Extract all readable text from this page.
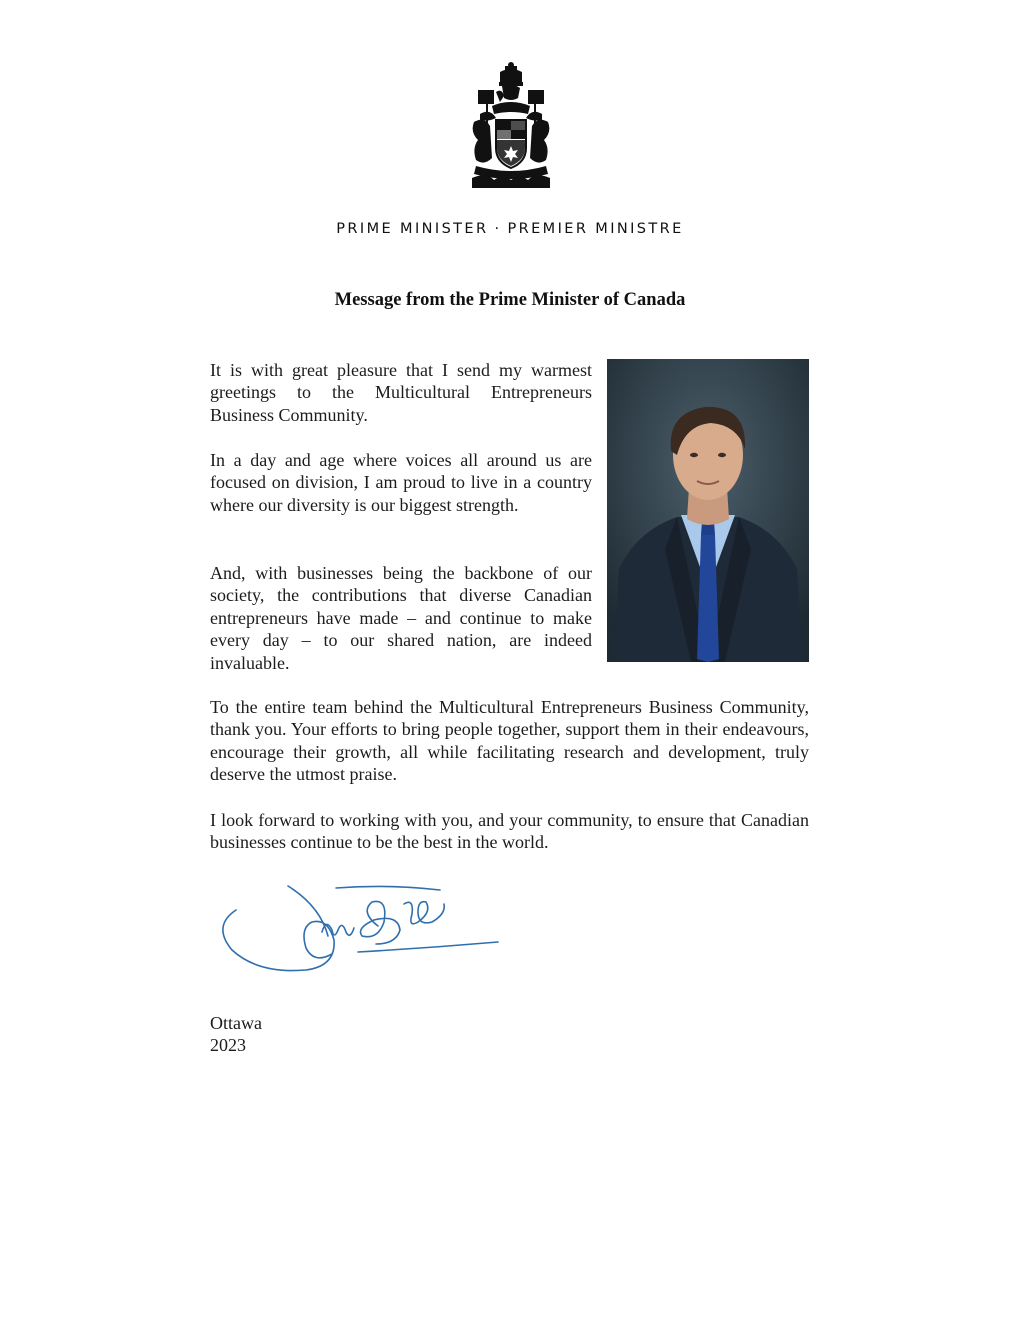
PRIME MINISTER · PREMIER MINISTRE
Message from the Prime Minister of Canada

It is with great pleasure that I send my warmest greetings to the Multicultural Entrepreneurs Business Community.

In a day and age where voices all around us are focused on division, I am proud to live in a country where our diversity is our biggest strength.

And, with businesses being the backbone of our society, the contributions that diverse Canadian entrepreneurs have made – and continue to make every day – to our shared nation, are indeed invaluable.

To the entire team behind the Multicultural Entrepreneurs Business Community, thank you. Your efforts to bring people together, support them in their endeavours, encourage their growth, all while facilitating research and development, truly deserve the utmost praise.

I look forward to working with you, and your community, to ensure that Canadian businesses continue to be the best in the world.

Ottawa
2023
